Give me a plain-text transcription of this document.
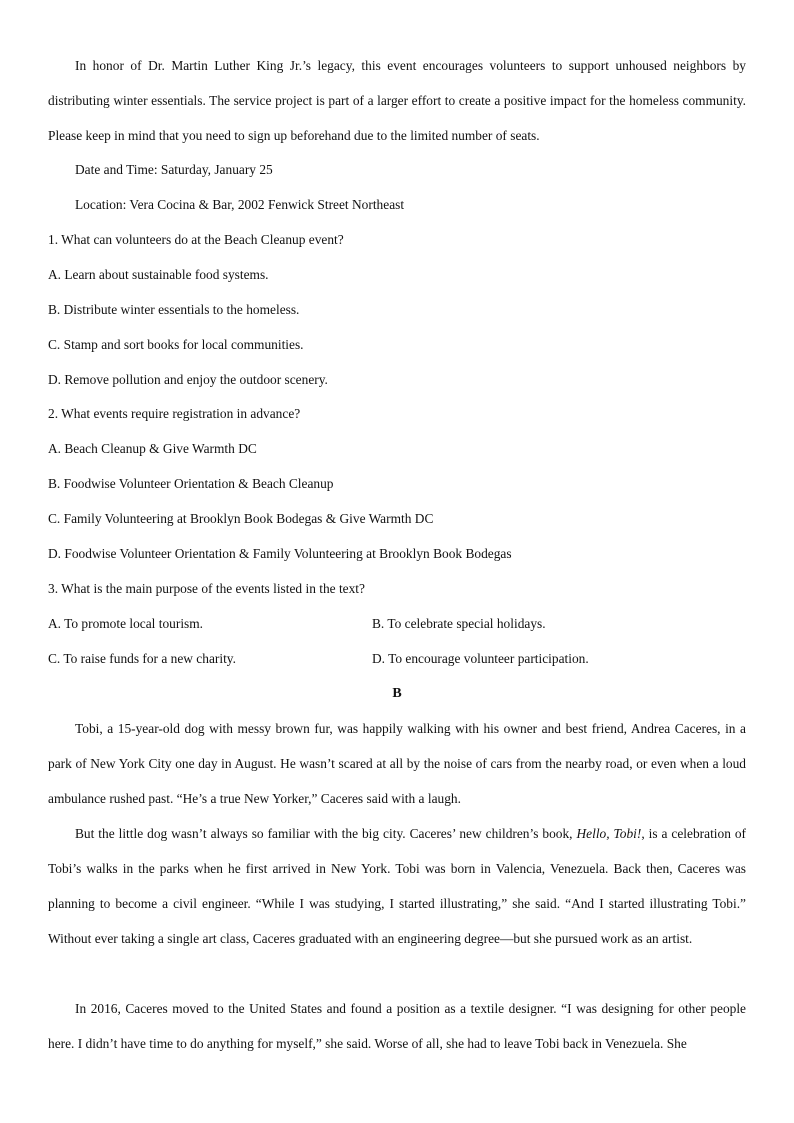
In honor of Dr. Martin Luther King Jr.’s legacy, this event encourages volunteers to support unhoused neighbors by distributing winter essentials. The service project is part of a larger effort to create a positive impact for the homeless community. Please keep in mind that you need to sign up beforehand due to the limited number of seats.

Date and Time: Saturday, January 25

Location: Vera Cocina & Bar, 2002 Fenwick Street Northeast

1. What can volunteers do at the Beach Cleanup event?

A. Learn about sustainable food systems.

B. Distribute winter essentials to the homeless.

C. Stamp and sort books for local communities.

D. Remove pollution and enjoy the outdoor scenery.

2. What events require registration in advance?

A. Beach Cleanup & Give Warmth DC

B. Foodwise Volunteer Orientation & Beach Cleanup

C. Family Volunteering at Brooklyn Book Bodegas & Give Warmth DC

D. Foodwise Volunteer Orientation & Family Volunteering at Brooklyn Book Bodegas

3. What is the main purpose of the events listed in the text?

A. To promote local tourism.	B. To celebrate special holidays.

C. To raise funds for a new charity.	D. To encourage volunteer participation.

B

Tobi, a 15-year-old dog with messy brown fur, was happily walking with his owner and best friend, Andrea Caceres, in a park of New York City one day in August. He wasn’t scared at all by the noise of cars from the nearby road, or even when a loud ambulance rushed past. “He’s a true New Yorker,” Caceres said with a laugh.

But the little dog wasn’t always so familiar with the big city. Caceres’ new children’s book, Hello, Tobi!, is a celebration of Tobi’s walks in the parks when he first arrived in New York. Tobi was born in Valencia, Venezuela. Back then, Caceres was planning to become a civil engineer. “While I was studying, I started illustrating,” she said. “And I started illustrating Tobi.” Without ever taking a single art class, Caceres graduated with an engineering degree—but she pursued work as an artist.

In 2016, Caceres moved to the United States and found a position as a textile designer. “I was designing for other people here. I didn’t have time to do anything for myself,” she said. Worse of all, she had to leave Tobi back in Venezuela. She
